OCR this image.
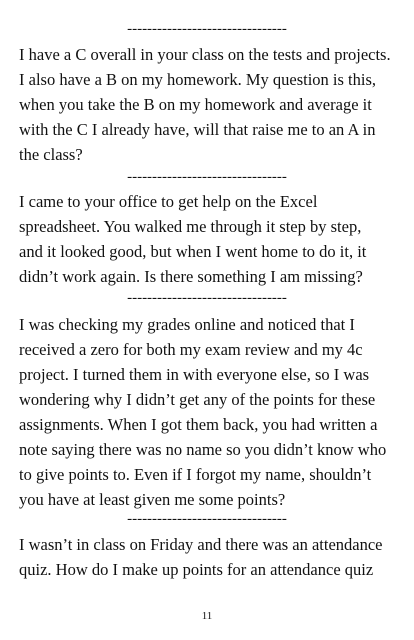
--------------------------------
I have a C overall in your class on the tests and projects.
I also have a B on my homework. My question is this,
when you take the B on my homework and average it
with the C I already have, will that raise me to an A in
the class?
--------------------------------
I came to your office to get help on the Excel
spreadsheet. You walked me through it step by step,
and it looked good, but when I went home to do it, it
didn’t work again. Is there something I am missing?
--------------------------------
I was checking my grades online and noticed that I
received a zero for both my exam review and my 4c
project. I turned them in with everyone else, so I was
wondering why I didn’t get any of the points for these
assignments. When I got them back, you had written a
note saying there was no name so you didn’t know who
to give points to. Even if I forgot my name, shouldn’t
you have at least given me some points?
--------------------------------
I wasn’t in class on Friday and there was an attendance
quiz. How do I make up points for an attendance quiz
11
